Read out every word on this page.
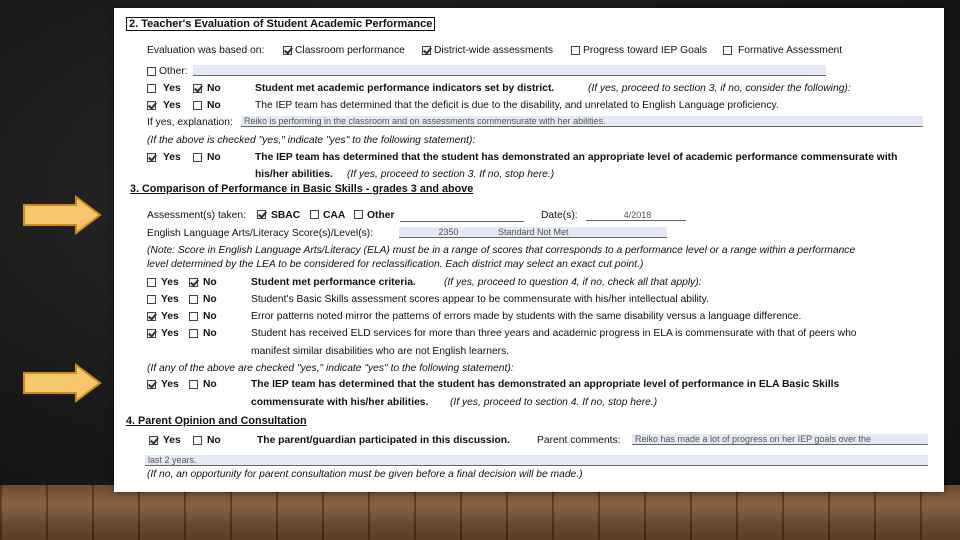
2. Teacher's Evaluation of Student Academic Performance
Evaluation was based on:	Classroom performance	District-wide assessments	Progress toward IEP Goals	Formative Assessment
Other:
Yes	No	Student met academic performance indicators set by district.	(If yes, proceed to section 3, if no, consider the following):
Yes	No	The IEP team has determined that the deficit is due to the disability, and unrelated to English Language proficiency.
If yes, explanation:	Reiko is performing in the classroom and on assessments commensurate with her abilities.
(If the above is checked "yes," indicate "yes" to the following statement):
Yes	No	The IEP team has determined that the student has demonstrated an appropriate level of academic performance commensurate with
his/her abilities. (If yes, proceed to section 3. If no, stop here.)
3. Comparison of Performance in Basic Skills - grades 3 and above
Assessment(s) taken: SBAC CAA Other	Date(s):	4/2018
English Language Arts/Literacy Score(s)/Level(s):	2350	Standard Not Met
(Note: Score in English Language Arts/Literacy (ELA) must be in a range of scores that corresponds to a performance level or a range within a performance
level determined by the LEA to be considered for reclassification. Each district may select an exact cut point.)
Yes No	Student met performance criteria.	(If yes, proceed to question 4, if no, check all that apply):
Yes No	Student's Basic Skills assessment scores appear to be commensurate with his/her intellectual ability.
Yes No	Error patterns noted mirror the patterns of errors made by students with the same disability versus a language difference.
Yes No	Student has received ELD services for more than three years and academic progress in ELA is commensurate with that of peers who
manifest similar disabilities who are not English learners.
(If any of the above are checked "yes," indicate "yes" to the following statement):
Yes No	The IEP team has determined that the student has demonstrated an appropriate level of performance in ELA Basic Skills
commensurate with his/her abilities. (If yes, proceed to section 4. If no, stop here.)
4. Parent Opinion and Consultation
Yes	No	The parent/guardian participated in this discussion.	Parent comments:	Reiko has made a lot of progress on her IEP goals over the
last 2 years.
(If no, an opportunity for parent consultation must be given before a final decision will be made.)
